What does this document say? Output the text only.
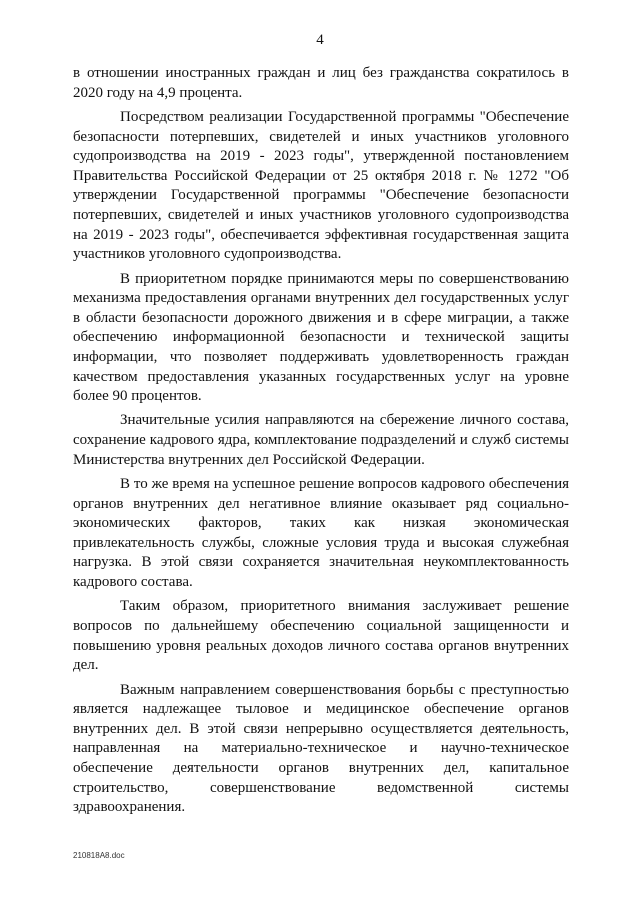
4

в отношении иностранных граждан и лиц без гражданства сократилось в 2020 году на 4,9 процента.

Посредством реализации Государственной программы "Обеспечение безопасности потерпевших, свидетелей и иных участников уголовного судопроизводства на 2019 - 2023 годы", утвержденной постановлением Правительства Российской Федерации от 25 октября 2018 г. № 1272 "Об утверждении Государственной программы "Обеспечение безопасности потерпевших, свидетелей и иных участников уголовного судопроизводства на 2019 - 2023 годы", обеспечивается эффективная государственная защита участников уголовного судопроизводства.

В приоритетном порядке принимаются меры по совершенствованию механизма предоставления органами внутренних дел государственных услуг в области безопасности дорожного движения и в сфере миграции, а также обеспечению информационной безопасности и технической защиты информации, что позволяет поддерживать удовлетворенность граждан качеством предоставления указанных государственных услуг на уровне более 90 процентов.

Значительные усилия направляются на сбережение личного состава, сохранение кадрового ядра, комплектование подразделений и служб системы Министерства внутренних дел Российской Федерации.

В то же время на успешное решение вопросов кадрового обеспечения органов внутренних дел негативное влияние оказывает ряд социально-экономических факторов, таких как низкая экономическая привлекательность службы, сложные условия труда и высокая служебная нагрузка. В этой связи сохраняется значительная неукомплектованность кадрового состава.

Таким образом, приоритетного внимания заслуживает решение вопросов по дальнейшему обеспечению социальной защищенности и повышению уровня реальных доходов личного состава органов внутренних дел.

Важным направлением совершенствования борьбы с преступностью является надлежащее тыловое и медицинское обеспечение органов внутренних дел. В этой связи непрерывно осуществляется деятельность, направленная на материально-техническое и научно-техническое обеспечение деятельности органов внутренних дел, капитальное строительство, совершенствование ведомственной системы здравоохранения.

210818А8.doc
